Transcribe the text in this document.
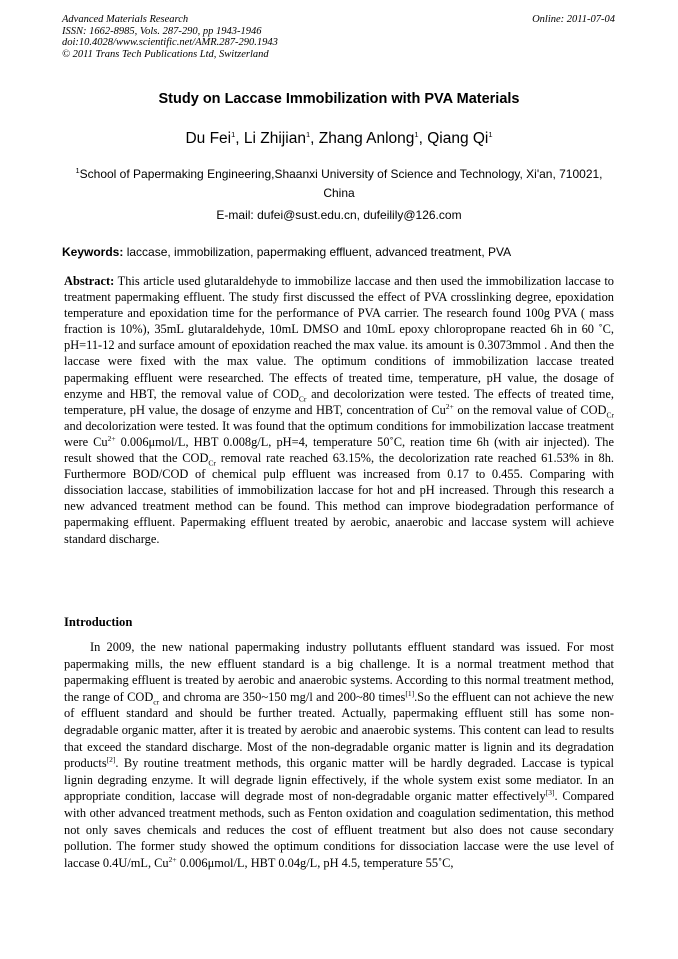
Advanced Materials Research
ISSN: 1662-8985, Vols. 287-290, pp 1943-1946
doi:10.4028/www.scientific.net/AMR.287-290.1943
© 2011 Trans Tech Publications Ltd, Switzerland
Online: 2011-07-04
Study on Laccase Immobilization with PVA Materials
Du Fei$^1$, Li Zhijian$^1$, Zhang Anlong$^1$, Qiang Qi$^1$
$^1$School of Papermaking Engineering,Shaanxi University of Science and Technology, Xi'an, 710021, China
E-mail: dufei@sust.edu.cn, dufeilily@126.com
Keywords: laccase, immobilization, papermaking effluent, advanced treatment, PVA
Abstract: This article used glutaraldehyde to immobilize laccase and then used the immobilization laccase to treatment papermaking effluent. The study first discussed the effect of PVA crosslinking degree, epoxidation temperature and epoxidation time for the performance of PVA carrier. The research found 100g PVA ( mass fraction is 10%), 35mL glutaraldehyde, 10mL DMSO and 10mL epoxy chloropropane reacted 6h in 60 ˚C, pH=11-12 and surface amount of epoxidation reached the max value. its amount is 0.3073mmol . And then the laccase were fixed with the max value. The optimum conditions of immobilization laccase treated papermaking effluent were researched. The effects of treated time, temperature, pH value, the dosage of enzyme and HBT, the removal value of $COD_{Cr}$ and decolorization were tested. The effects of treated time, temperature, pH value, the dosage of enzyme and HBT, concentration of $Cu^{2+}$ on the removal value of $COD_{Cr}$ and decolorization were tested. It was found that the optimum conditions for immobilization laccase treatment were $Cu^{2+}$ 0.006μmol/L, HBT 0.008g/L, pH=4, temperature 50˚C, reation time 6h (with air injected). The result showed that the $COD_{Cr}$ removal rate reached 63.15%, the decolorization rate reached 61.53% in 8h. Furthermore BOD/COD of chemical pulp effluent was increased from 0.17 to 0.455. Comparing with dissociation laccase, stabilities of immobilization laccase for hot and pH increased. Through this research a new advanced treatment method can be found. This method can improve biodegradation performance of papermaking effluent. Papermaking effluent treated by aerobic, anaerobic and laccase system will achieve standard discharge.
Introduction
In 2009, the new national papermaking industry pollutants effluent standard was issued. For most papermaking mills, the new effluent standard is a big challenge. It is a normal treatment method that papermaking effluent is treated by aerobic and anaerobic systems. According to this normal treatment method, the range of $COD_{cr}$ and chroma are 350~150 mg/l and 200~80 times[1].So the effluent can not achieve the new of effluent standard and should be further treated. Actually, papermaking effluent still has some non-degradable organic matter, after it is treated by aerobic and anaerobic systems. This content can lead to results that exceed the standard discharge. Most of the non-degradable organic matter is lignin and its degradation products[2]. By routine treatment methods, this organic matter will be hardly degraded. Laccase is typical lignin degrading enzyme. It will degrade lignin effectively, if the whole system exist some mediator. In an appropriate condition, laccase will degrade most of non-degradable organic matter effectively[3]. Compared with other advanced treatment methods, such as Fenton oxidation and coagulation sedimentation, this method not only saves chemicals and reduces the cost of effluent treatment but also does not cause secondary pollution. The former study showed the optimum conditions for dissociation laccase were the use level of laccase 0.4U/mL, $Cu^{2+}$ 0.006μmol/L, HBT 0.04g/L, pH 4.5, temperature 55˚C,
